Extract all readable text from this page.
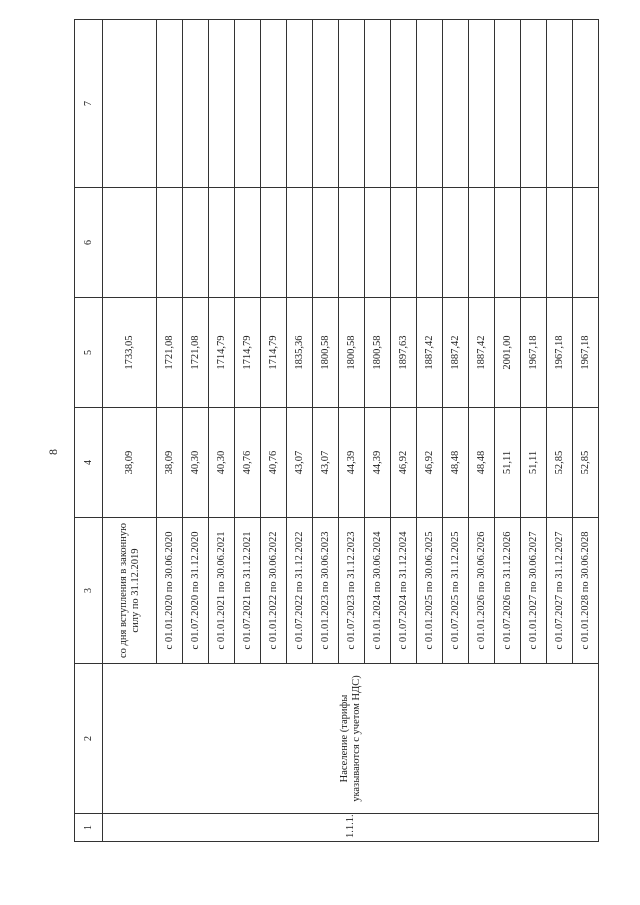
8
1	2	3	4	5	6	7
1.1.1.	Население (тарифы указываются с учетом НДС)	со дня вступления в законную силу по 31.12.2019	38,09	1733,05		
		с 01.01.2020 по 30.06.2020	38,09	1721,08		
		с 01.07.2020 по 31.12.2020	40,30	1721,08		
		с 01.01.2021 по 30.06.2021	40,30	1714,79		
		с 01.07.2021 по 31.12.2021	40,76	1714,79		
		с 01.01.2022 по 30.06.2022	40,76	1714,79		
		с 01.07.2022 по 31.12.2022	43,07	1835,36		
		с 01.01.2023 по 30.06.2023	43,07	1800,58		
		с 01.07.2023 по 31.12.2023	44,39	1800,58		
		с 01.01.2024 по 30.06.2024	44,39	1800,58		
		с 01.07.2024 по 31.12.2024	46,92	1897,63		
		с 01.01.2025 по 30.06.2025	46,92	1887,42		
		с 01.07.2025 по 31.12.2025	48,48	1887,42		
		с 01.01.2026 по 30.06.2026	48,48	1887,42		
		с 01.07.2026 по 31.12.2026	51,11	2001,00		
		с 01.01.2027 по 30.06.2027	51,11	1967,18		
		с 01.07.2027 по 31.12.2027	52,85	1967,18		
		с 01.01.2028 по 30.06.2028	52,85	1967,18		
